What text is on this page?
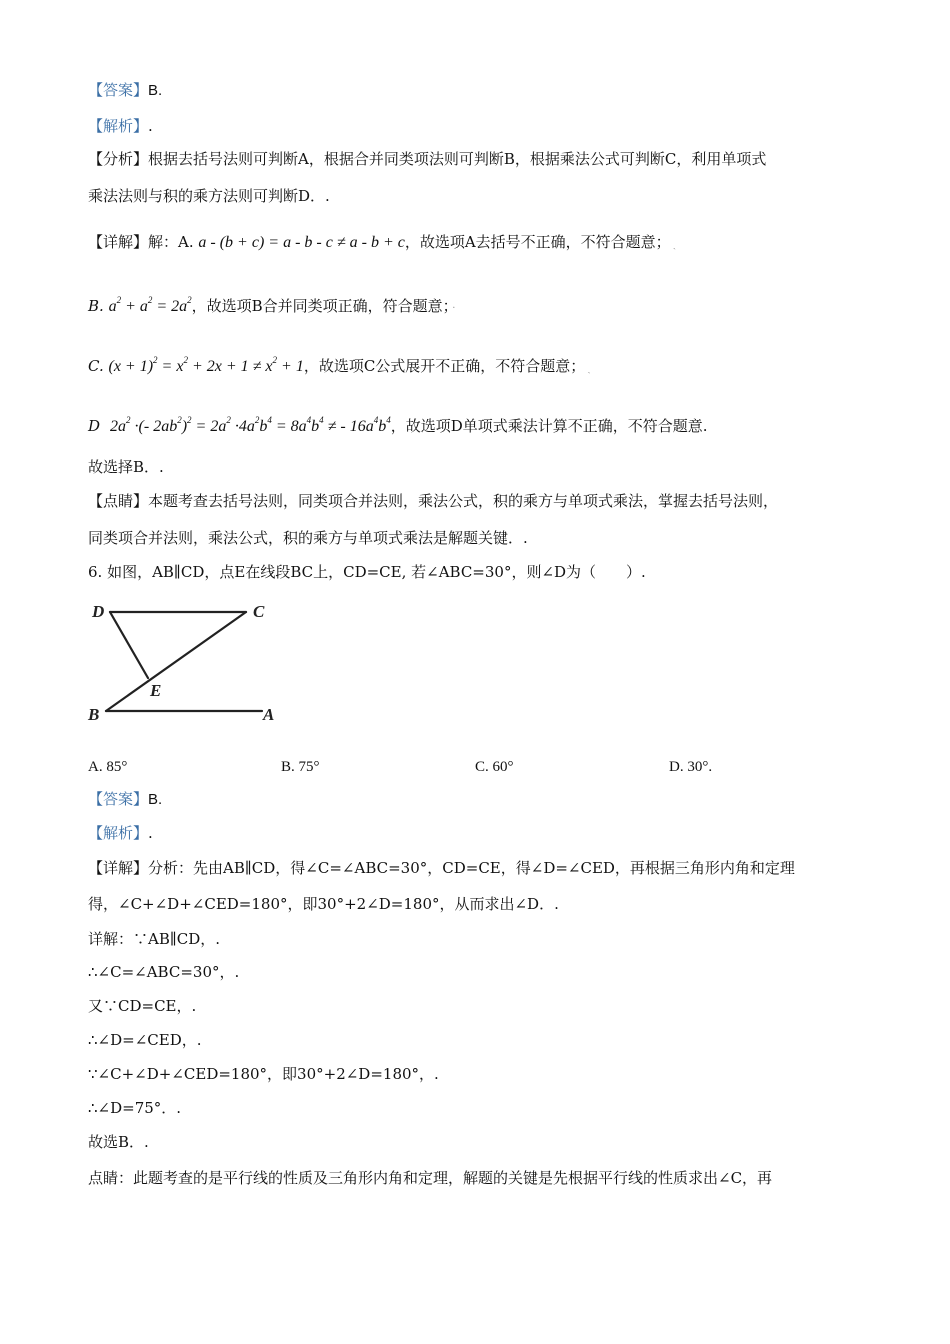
【答案】B.
【解析】.
【分析】根据去括号法则可判断A，根据合并同类项法则可判断B，根据乘法公式可判断C，利用单项式
乘法法则与积的乘方法则可判断D．.
【详解】解：A. a - (b + c) = a - b - c ≠ a - b + c，故选项A去括号不正确，不符合题意； ˎ
B. $a^2 + a^2 = 2a^2$，故选项B合并同类项正确，符合题意； ·
C. $(x + 1)^2 = x^2 + 2x + 1 \ne x^2 + 1$，故选项C公式展开不正确，不符合题意； ˎ
D $2a^2$ ·(- $2ab^2)^2 = 2a^2 \cdot 4a^2b^4 = 8a^4b^4$ ≠ - $16a^4b^4$，故选项D单项式乘法计算不正确，不符合题意.
故选择B．.
【点睛】本题考查去括号法则，同类项合并法则，乘法公式，积的乘方与单项式乘法，掌握去括号法则，
同类项合并法则，乘法公式，积的乘方与单项式乘法是解题关键．.
6. 如图，AB∥CD，点E在线段BC上，CD=CE, 若∠ABC=30°，则∠D为（　　）.
D	C
E
B	A
A. 85°	B. 75°	C. 60°	D. 30°.
【答案】B.
【解析】.
【详解】分析：先由AB∥CD，得∠C=∠ABC=30°，CD=CE，得∠D=∠CED，再根据三角形内角和定理
得，∠C+∠D+∠CED=180°，即30°+2∠D=180°，从而求出∠D．.
详解：∵AB∥CD，.
∴∠C=∠ABC=30°，.
又∵CD=CE，.
∴∠D=∠CED，.
∵∠C+∠D+∠CED=180°，即30°+2∠D=180°，.
∴∠D=75°．.
故选B．.
点睛：此题考查的是平行线的性质及三角形内角和定理，解题的关键是先根据平行线的性质求出∠C，再
